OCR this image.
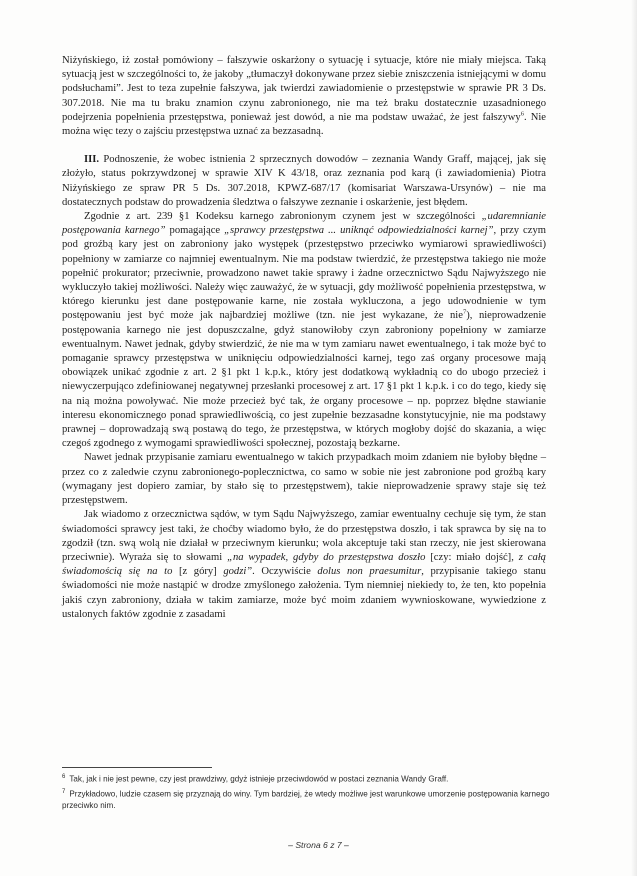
Niżyńskiego, iż został pomówiony – fałszywie oskarżony o sytuację i sytuacje, które nie miały miejsca. Taką sytuacją jest w szczególności to, że jakoby „tłumaczył dokonywane przez siebie zniszczenia istniejącymi w domu podsłuchami”. Jest to teza zupełnie fałszywa, jak twierdzi zawiadomienie o przestępstwie w sprawie PR 3 Ds. 307.2018. Nie ma tu braku znamion czynu zabronionego, nie ma też braku dostatecznie uzasadnionego podejrzenia popełnienia przestępstwa, ponieważ jest dowód, a nie ma podstaw uważać, że jest fałszywy$^6$. Nie można więc tezy o zajściu przestępstwa uznać za bezzasadną.

III. Podnoszenie, że wobec istnienia 2 sprzecznych dowodów – zeznania Wandy Graff, mającej, jak się złożyło, status pokrzywdzonej w sprawie XIV K 43/18, oraz zeznania pod karą (i zawiadomienia) Piotra Niżyńskiego ze spraw PR 5 Ds. 307.2018, KPWZ-687/17 (komisariat Warszawa-Ursynów) – nie ma dostatecznych podstaw do prowadzenia śledztwa o fałszywe zeznanie i oskarżenie, jest błędem.

Zgodnie z art. 239 §1 Kodeksu karnego zabronionym czynem jest w szczególności „udaremnianie postępowania karnego” pomagające „sprawcy przestępstwa ... uniknąć odpowiedzialności karnej”, przy czym pod groźbą kary jest on zabroniony jako występek (przestępstwo przeciwko wymiarowi sprawiedliwości) popełniony w zamiarze co najmniej ewentualnym. Nie ma podstaw twierdzić, że przestępstwa takiego nie może popełnić prokurator; przeciwnie, prowadzono nawet takie sprawy i żadne orzecznictwo Sądu Najwyższego nie wykluczyło takiej możliwości. Należy więc zauważyć, że w sytuacji, gdy możliwość popełnienia przestępstwa, w którego kierunku jest dane postępowanie karne, nie została wykluczona, a jego udowodnienie w tym postępowaniu jest być może jak najbardziej możliwe (tzn. nie jest wykazane, że nie$^7$), nieprowadzenie postępowania karnego nie jest dopuszczalne, gdyż stanowiłoby czyn zabroniony popełniony w zamiarze ewentualnym. Nawet jednak, gdyby stwierdzić, że nie ma w tym zamiaru nawet ewentualnego, i tak może być to pomaganie sprawcy przestępstwa w uniknięciu odpowiedzialności karnej, tego zaś organy procesowe mają obowiązek unikać zgodnie z art. 2 §1 pkt 1 k.p.k., który jest dodatkową wykładnią co do ubogo przecież i niewyczerpująco zdefiniowanej negatywnej przesłanki procesowej z art. 17 §1 pkt 1 k.p.k. i co do tego, kiedy się na nią można powoływać. Nie może przecież być tak, że organy procesowe – np. poprzez błędne stawianie interesu ekonomicznego ponad sprawiedliwością, co jest zupełnie bezzasadne konstytucyjnie, nie ma podstawy prawnej – doprowadzają swą postawą do tego, że przestępstwa, w których mogłoby dojść do skazania, a więc czegoś zgodnego z wymogami sprawiedliwości społecznej, pozostają bezkarne.

Nawet jednak przypisanie zamiaru ewentualnego w takich przypadkach moim zdaniem nie byłoby błędne – przez co z zaledwie czynu zabronionego-poplecznictwa, co samo w sobie nie jest zabronione pod groźbą kary (wymagany jest dopiero zamiar, by stało się to przestępstwem), takie nieprowadzenie sprawy staje się też przestępstwem.

Jak wiadomo z orzecznictwa sądów, w tym Sądu Najwyższego, zamiar ewentualny cechuje się tym, że stan świadomości sprawcy jest taki, że choćby wiadomo było, że do przestępstwa doszło, i tak sprawca by się na to zgodził (tzn. swą wolą nie działał w przeciwnym kierunku; wola akceptuje taki stan rzeczy, nie jest skierowana przeciwnie). Wyraża się to słowami „na wypadek, gdyby do przestępstwa doszło [czy: miało dojść], z całą świadomością się na to [z góry] godzi”. Oczywiście dolus non praesumitur, przypisanie takiego stanu świadomości nie może nastąpić w drodze zmyślonego założenia. Tym niemniej niekiedy to, że ten, kto popełnia jakiś czyn zabroniony, działa w takim zamiarze, może być moim zdaniem wywnioskowane, wywiedzione z ustalonych faktów zgodnie z zasadami

$^6$ Tak, jak i nie jest pewne, czy jest prawdziwy, gdyż istnieje przeciwdowód w postaci zeznania Wandy Graff.

$^7$ Przykładowo, ludzie czasem się przyznają do winy. Tym bardziej, że wtedy możliwe jest warunkowe umorzenie postępowania karnego przeciwko nim.

– Strona 6 z 7 –
